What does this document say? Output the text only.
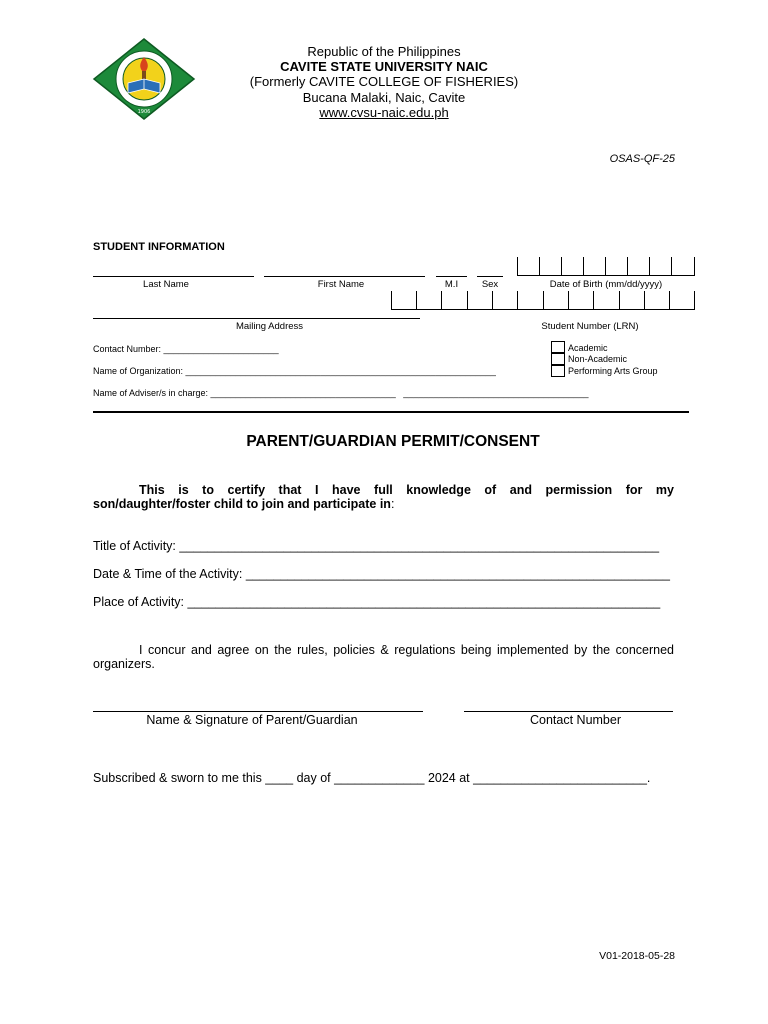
1906
Republic of the Philippines
CAVITE STATE UNIVERSITY NAIC
(Formerly CAVITE COLLEGE OF FISHERIES)
Bucana Malaki, Naic, Cavite
www.cvsu-naic.edu.ph
OSAS-QF-25
STUDENT INFORMATION
Last Name	First Name	M.I	Sex	Date of Birth (mm/dd/yyyy)
Mailing Address	Student Number (LRN)
Contact Number: _______________________
Name of Organization: ______________________________________________________________
Name of Adviser/s in charge: _____________________________________   _____________________________________
Academic
Non-Academic
Performing Arts Group
PARENT/GUARDIAN PERMIT/CONSENT
This is to certify that I have full knowledge of and permission for my
son/daughter/foster child to join and participate in:
Title of Activity: _____________________________________________________________________
Date & Time of the Activity: _____________________________________________________________
Place of Activity: ____________________________________________________________________
I concur and agree on the rules, policies & regulations being implemented by the concerned
organizers.
Name & Signature of Parent/Guardian	Contact Number
Subscribed & sworn to me this ____ day of _____________ 2024 at _________________________.
V01-2018-05-28
